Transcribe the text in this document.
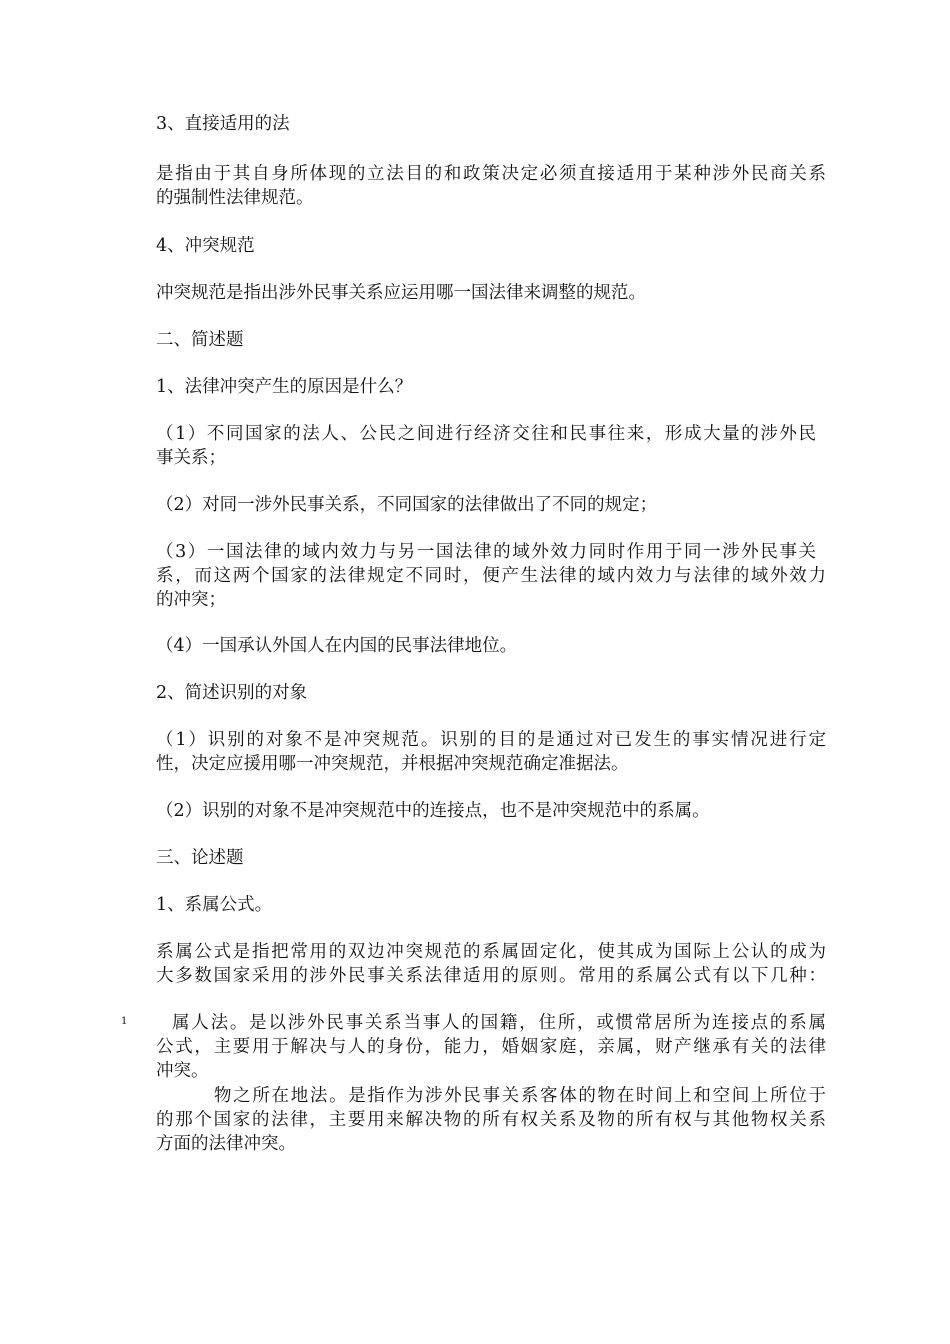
3、直接适用的法

是指由于其自身所体现的立法目的和政策决定必须直接适用于某种涉外民商关系

的强制性法律规范。

4、冲突规范

冲突规范是指出涉外民事关系应运用哪一国法律来调整的规范。

二、简述题

1、法律冲突产生的原因是什么？

（1）不同国家的法人、公民之间进行经济交往和民事往来，形成大量的涉外民

事关系；

（2）对同一涉外民事关系，不同国家的法律做出了不同的规定；

（3）一国法律的域内效力与另一国法律的域外效力同时作用于同一涉外民事关

系，而这两个国家的法律规定不同时，便产生法律的域内效力与法律的域外效力

的冲突；

（4）一国承认外国人在内国的民事法律地位。

2、简述识别的对象

（1）识别的对象不是冲突规范。识别的目的是通过对已发生的事实情况进行定

性，决定应援用哪一冲突规范，并根据冲突规范确定准据法。

（2）识别的对象不是冲突规范中的连接点，也不是冲突规范中的系属。

三、论述题

1、系属公式。

系属公式是指把常用的双边冲突规范的系属固定化，使其成为国际上公认的成为

大多数国家采用的涉外民事关系法律适用的原则。常用的系属公式有以下几种：

1	属人法。是以涉外民事关系当事人的国籍，住所，或惯常居所为连接点的系属

公式，主要用于解决与人的身份，能力，婚姻家庭，亲属，财产继承有关的法律

冲突。

物之所在地法。是指作为涉外民事关系客体的物在时间上和空间上所位于

的那个国家的法律，主要用来解决物的所有权关系及物的所有权与其他物权关系

方面的法律冲突。
